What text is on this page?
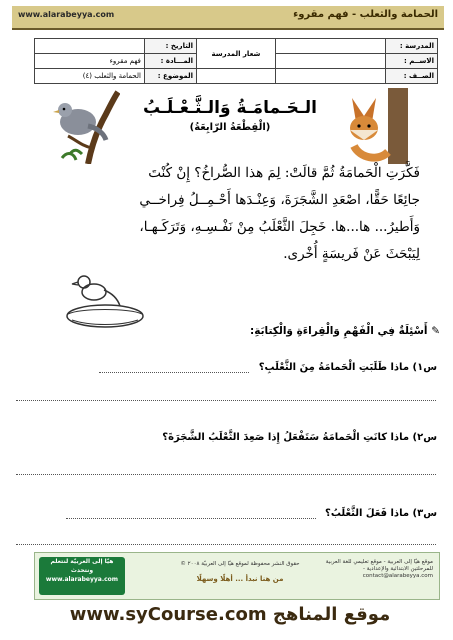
www.alarabeyya.com	الحمامة والثعلب - فهم مقروء
	التاريخ :	شعار المدرسة		المدرسة :
فهم مقروء	المـــادة :			الاســم :
الحمامة والثعلب (٤)	الموضوع :			الصــف :
الـحَـمامَـةُ وَالـثَّـعْـلَـبُ
(الْقِطْعَةُ الرّابِعَةُ)
فَكَّرَتِ الْحَمامَةُ ثُمَّ قالَتْ: لِمَ هذا الصُّراخُ؟ إِنْ كُنْتَ
جائِعًا حَقًّا، اصْعَدِ الشَّجَرَةَ، وَعِنْـدَها أَحْـمِــلُ فِراخــي
وَأَطيرُ... ها...ها. خَجِلَ الثَّعْلَبُ مِنْ نَفْـسِـهِ، وَتَرَكَـهـا،
لِيَبْحَثَ عَنْ فَريسَةٍ أُخْرى.
✎ أَسْئِلَةٌ فِي الْفَهْمِ وَالْقِراءَةِ وَالْكِتابَةِ:
س١) ماذا طَلَبَتِ الْحَمامَةُ مِنَ الثَّعْلَبِ؟
س٢) ماذا كانَتِ الْحَمامَةُ سَتَفْعَلُ إِذا صَعِدَ الثَّعْلَبُ الشَّجَرَةَ؟
س٣) ماذا فَعَلَ الثَّعْلَبُ؟
هيّا إلى العربيّة لنتعلم ونتحدث www.alarabeyya.com
حقوق النشر محفوظة لموقع هيّا إلى العربيّة ٢٠٠٨ ©
من هنا نبدأ ... أهلًا وسهلًا
موقع هيّا إلى العربية - موقع تعليمي للغة العربية للمرحلتين الابتدائية والإعدادية - contact@alarabeyya.com
www.syCourse.com موقع المناهج
